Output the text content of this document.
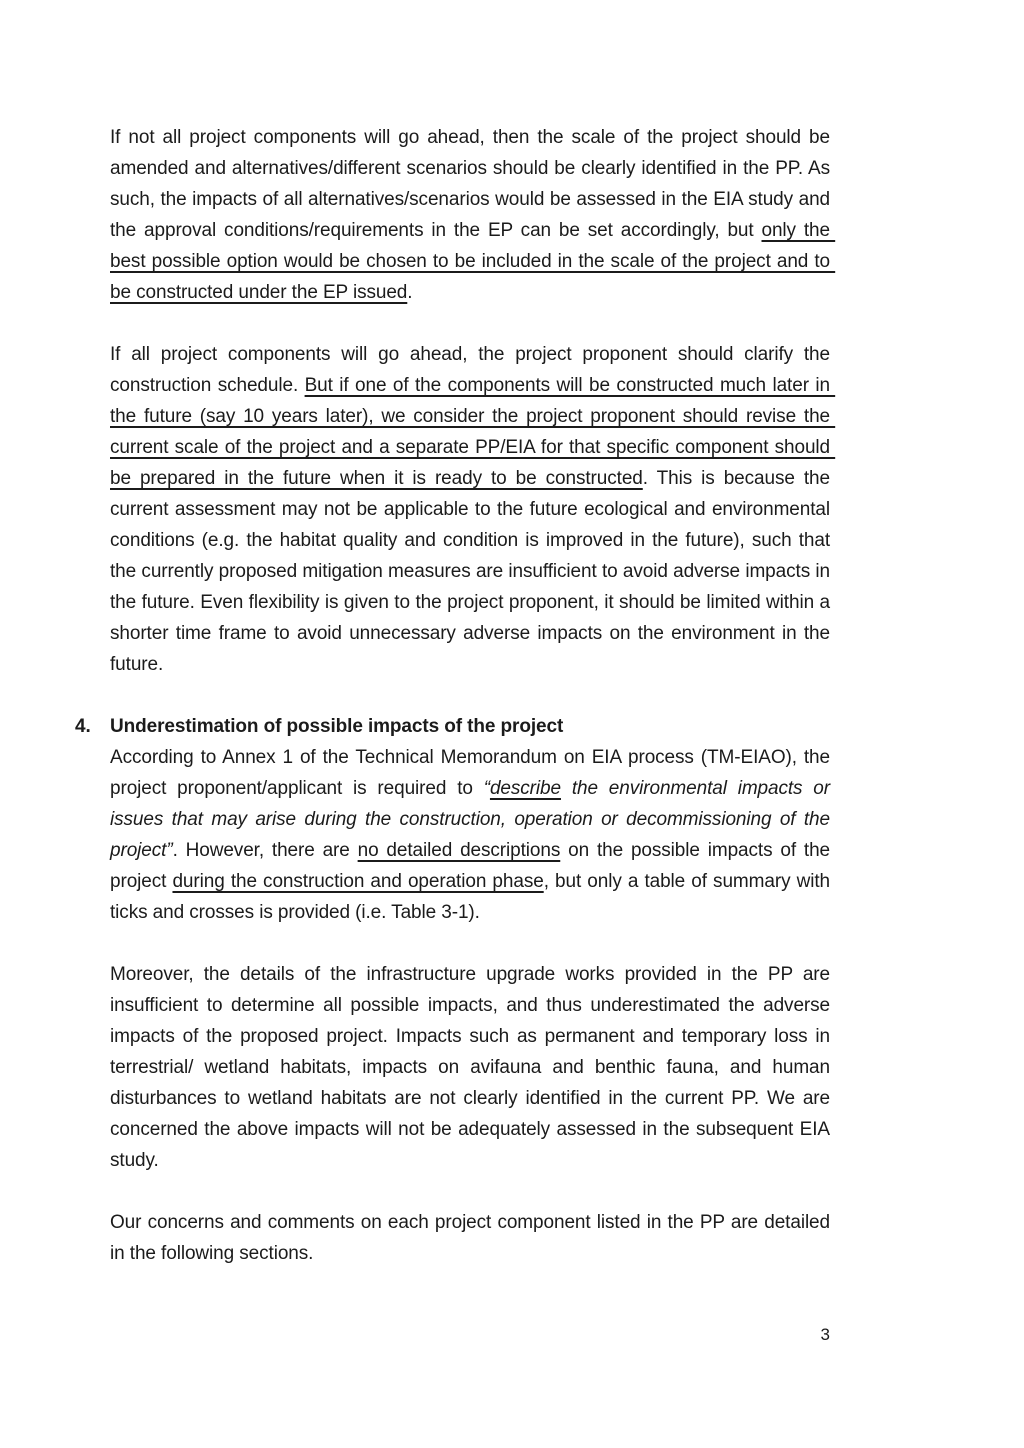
If not all project components will go ahead, then the scale of the project should be amended and alternatives/different scenarios should be clearly identified in the PP. As such, the impacts of all alternatives/scenarios would be assessed in the EIA study and the approval conditions/requirements in the EP can be set accordingly, but only the best possible option would be chosen to be included in the scale of the project and to be constructed under the EP issued.

If all project components will go ahead, the project proponent should clarify the construction schedule. But if one of the components will be constructed much later in the future (say 10 years later), we consider the project proponent should revise the current scale of the project and a separate PP/EIA for that specific component should be prepared in the future when it is ready to be constructed. This is because the current assessment may not be applicable to the future ecological and environmental conditions (e.g. the habitat quality and condition is improved in the future), such that the currently proposed mitigation measures are insufficient to avoid adverse impacts in the future. Even flexibility is given to the project proponent, it should be limited within a shorter time frame to avoid unnecessary adverse impacts on the environment in the future.

4. Underestimation of possible impacts of the project

According to Annex 1 of the Technical Memorandum on EIA process (TM-EIAO), the project proponent/applicant is required to “describe the environmental impacts or issues that may arise during the construction, operation or decommissioning of the project”. However, there are no detailed descriptions on the possible impacts of the project during the construction and operation phase, but only a table of summary with ticks and crosses is provided (i.e. Table 3-1).

Moreover, the details of the infrastructure upgrade works provided in the PP are insufficient to determine all possible impacts, and thus underestimated the adverse impacts of the proposed project. Impacts such as permanent and temporary loss in terrestrial/ wetland habitats, impacts on avifauna and benthic fauna, and human disturbances to wetland habitats are not clearly identified in the current PP. We are concerned the above impacts will not be adequately assessed in the subsequent EIA study.

Our concerns and comments on each project component listed in the PP are detailed in the following sections.

3
